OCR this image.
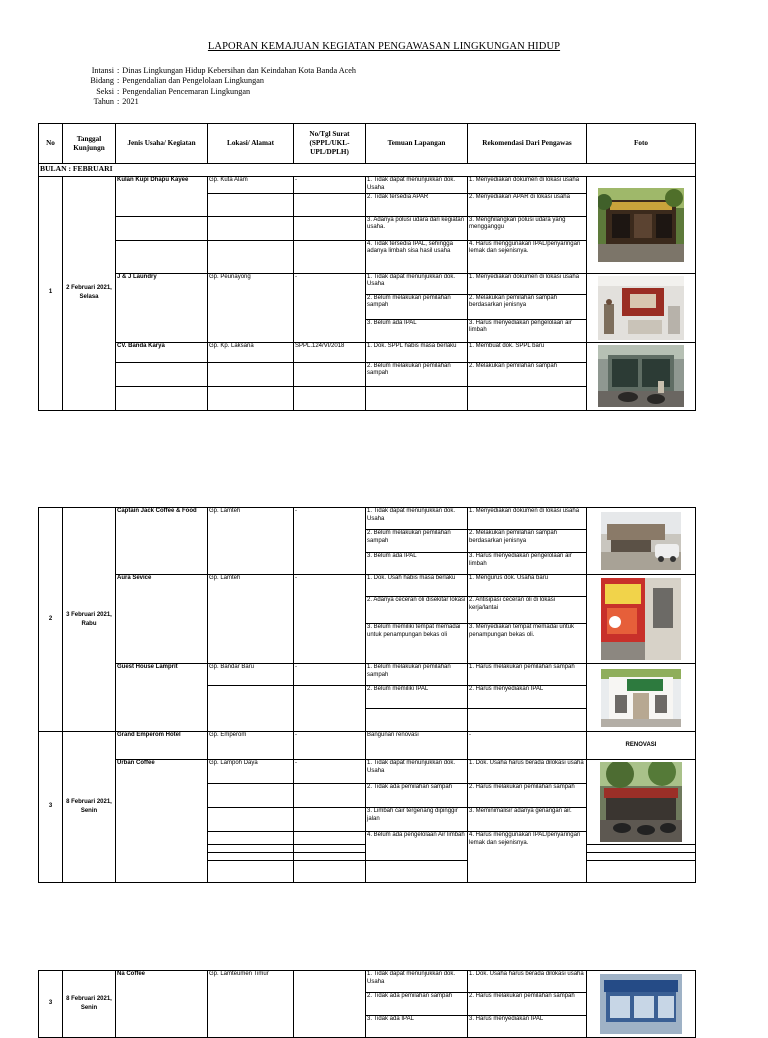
LAPORAN KEMAJUAN KEGIATAN PENGAWASAN LINGKUNGAN HIDUP
Intansi : Dinas Lingkungan Hidup Kebersihan dan Keindahan Kota Banda Aceh
Bidang : Pengendalian dan Pengelolaan Lingkungan
Seksi : Pengendalian Pencemaran Lingkungan
Tahun : 2021
No	Tanggal Kunjungn	Jenis Usaha/ Kegiatan	Lokasi/ Alamat	No/Tgl Surat (SPPL/UKL-UPL/DPLH)	Temuan Lapangan	Rekomendasi Dari Pengawas	Foto
BULAN : FEBRUARI							
1	2 Februari 2021, Selasa	Kulan Kupi Dhapu Kayee	Gp. Kuta Alam	-	1. Tidak dapat menunjukkan dok. Usaha	1. Menyediakan dokumen di lokasi usaha	

					2. Tidak tersedia APAR	2. Menyediakan APAR di lokasi usaha	
					3. Adanya polusi udara dari kegiatan usaha.	3. Menghilangkan polusi udara yang mengganggu	
					4. Tidak tersedia IPAL, sehingga adanya limbah sisa hasil usaha	4. Harus menggunakan IPAL/penyaringan lemak dan sejenisnya.	
		J & J Laundry	Gp. Peunayong	-	1. Tidak dapat menunjukkan dok. Usaha	1. Menyediakan dokumen di lokasi usaha	

					2. Belum melakukan pemilahan sampah	2. Melakukan pemilahan sampah berdasarkan jenisnya	
					3. Belum ada IPAL	3. Harus menyediakan pengelolaan air limbah	
		CV. Banda Karya	Gp. Kp. Laksana	SPPL.124/VI/2018	1. Dok. SPPL habis masa berlaku	1. Membuat dok. SPPL baru	

					2. Belum melakukan pemilahan sampah	2. Melakukan pemilahan sampah	

2	3 Februari 2021, Rabu	Captain Jack Coffee & Food	Gp. Lamteh	-	1. Tidak dapat menunjukkan dok. Usaha	1. Menyediakan dokumen di lokasi usaha	

					2. Belum melakukan pemilahan sampah	2. Melakukan pemilahan sampah berdasarkan jenisnya	
					3. Belum ada IPAL	3. Harus menyediakan pengelolaan air limbah	
		Aura Sevice	Gp. Lamteh	-	1. Dok. Usah habis masa berlaku	1. Mengurus dok. Usaha baru	

					2. Adanya ceceran oli disekitar lokasi	2. Antisipasi ceceran oli di lokasi kerja/lantai	
					3. Belum memiliki tempat memadai untuk penampungan bekas oli	3. Menyediakan tempat memadai untuk penampungan bekas oli.	
		Guest House Lamprit	Gp. Bandar Baru	-	1. Belum melakukan pemilahan sampah	1. Harus melakukan pemilahan sampah	

					2. Belum memiliki IPAL	2. Harus menyediakan IPAL	

3	8 Februari 2021, Senin	Grand Emperom Hotel	Gp. Emperom	-	Bangunan renovasi	-	RENOVASI
		Urban Coffee	Gp. Lampoh Daya	-	1. Tidak dapat menunjukkan dok. Usaha	1. Dok. Usaha harus berada dilokasi usaha	

					2. Tidak ada pemilahan sampah	2. Harus melakukan pemilahan sampah	
					3. Limbah cair tergenang dipinggir jalan	3. Meminimalisir adanya genangan air.	
					4. Belum ada pengelolaan Air limbah	4. Harus menggunakan IPAL/penyaringan lemak dan sejenisnya.	

3	8 Februari 2021, Senin	Na Coffee	Gp. Lamteumen Timur		1. Tidak dapat menunjukkan dok. Usaha	1. Dok. Usaha harus berada dilokasi usaha	

					2. Tidak ada pemilahan sampah	2. Harus melakukan pemilahan sampah	
					3. Tidak ada IPAL	3. Harus menyediakan IPAL	
